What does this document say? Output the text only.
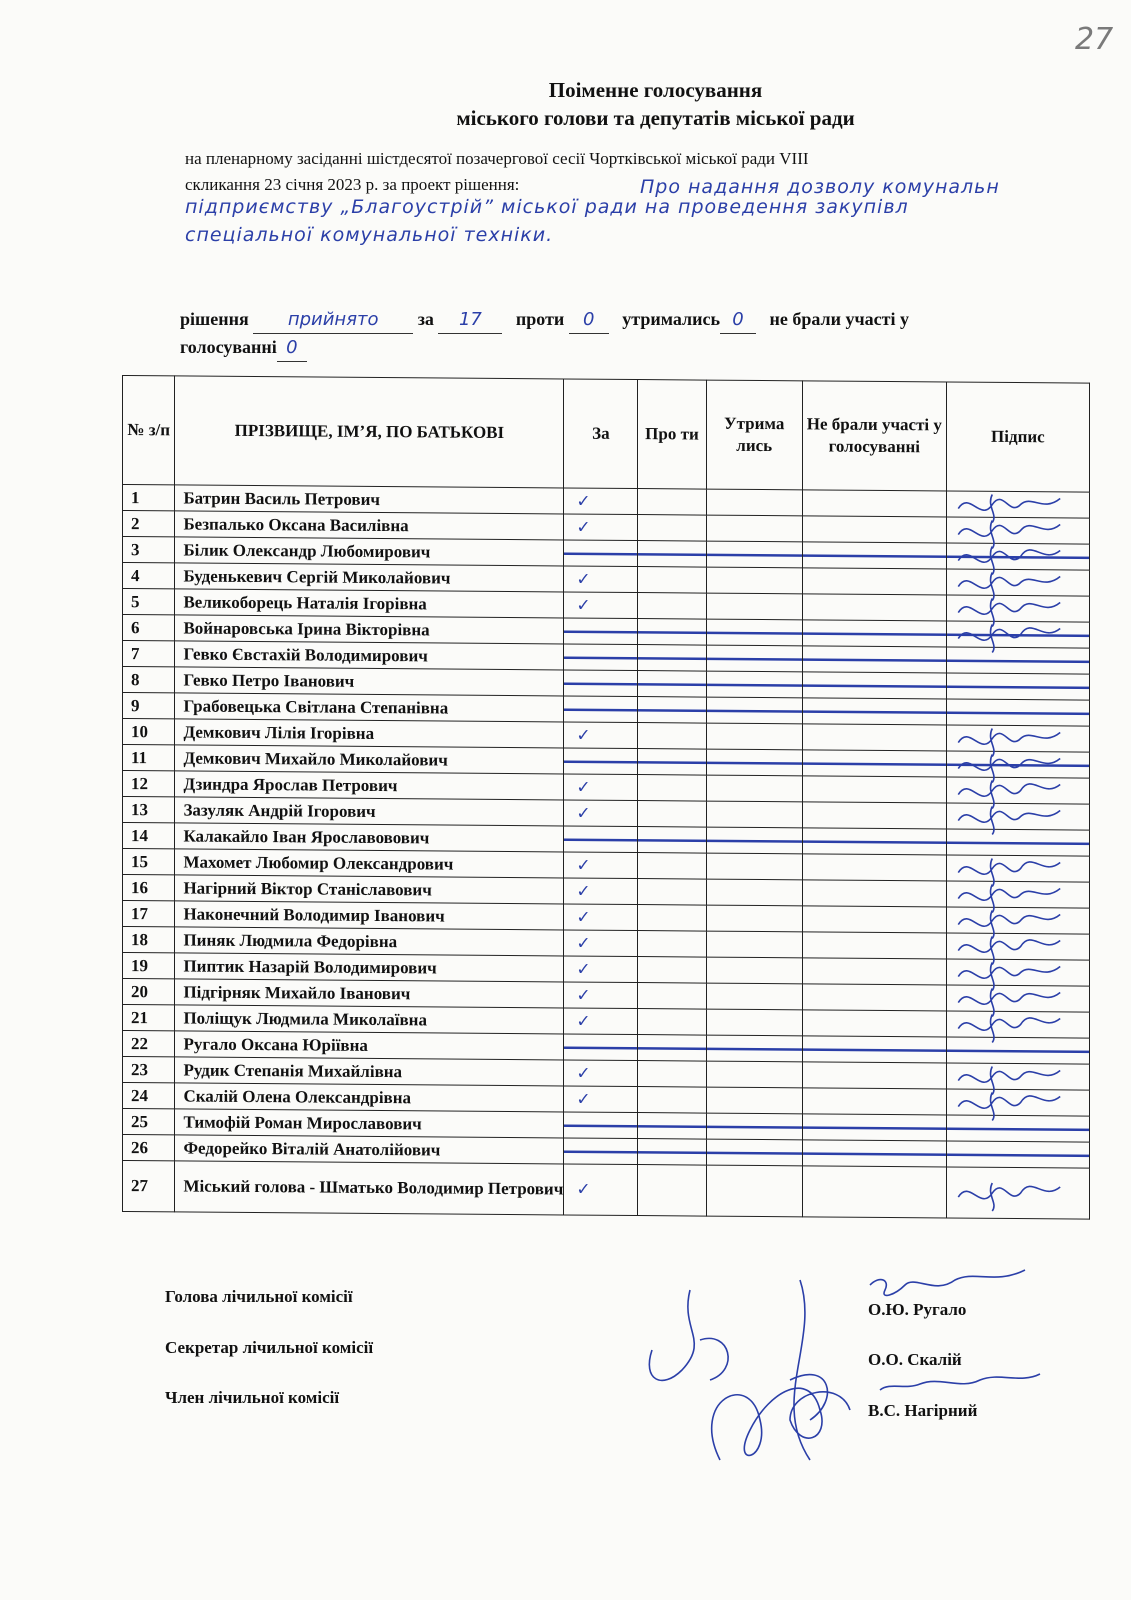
27
Поіменне голосування
міського голови та депутатів міської ради
на пленарному засіданні шістдесятої позачергової сесії Чортківської міської ради VIII
скликання 23 січня 2023 р. за проект рішення:	Про надання дозволу комунальн
підприємству „Благоустрій” міської ради на проведення закупівл
спеціальної комунальної техніки.
рішення прийнято за 17 проти 0 утримались 0 не брали участі у
голосуванні 0
№ з/п	ПРІЗВИЩЕ, ІМ’Я, ПО БАТЬКОВІ	За	Про ти	Утрима лись	Не брали участі у голосуванні	Підпис
1	Батрин Василь Петрович	✓				
2	Безпалько Оксана Василівна	✓				
3	Білик Олександр Любомирович					
4	Буденькевич Сергій Миколайович	✓				
5	Великоборець Наталія Ігорівна	✓				
6	Войнаровська Ірина Вікторівна					
7	Гевко Євстахій Володимирович					
8	Гевко Петро Іванович					
9	Грабовецька Світлана Степанівна					
10	Демкович Лілія Ігорівна	✓				
11	Демкович Михайло Миколайович					
12	Дзиндра Ярослав Петрович	✓				
13	Зазуляк Андрій Ігорович	✓				
14	Калакайло Іван Ярославовович					
15	Махомет Любомир Олександрович	✓				
16	Нагірний Віктор Станіславович	✓				
17	Наконечний Володимир Іванович	✓				
18	Пиняк Людмила Федорівна	✓				
19	Пиптик Назарій Володимирович	✓				
20	Підгірняк Михайло Іванович	✓				
21	Поліщук Людмила Миколаївна	✓				
22	Ругало Оксана Юріївна					
23	Рудик Степанія Михайлівна	✓				
24	Скалій Олена Олександрівна	✓				
25	Тимофій Роман Мирославович					
26	Федорейко Віталій Анатолійович					
27	Міський голова - Шматько Володимир Петрович	✓				
Голова лічильної комісії
Секретар лічильної комісії
Член лічильної комісії
О.Ю. Ругало
О.О. Скалій
В.С. Нагірний
